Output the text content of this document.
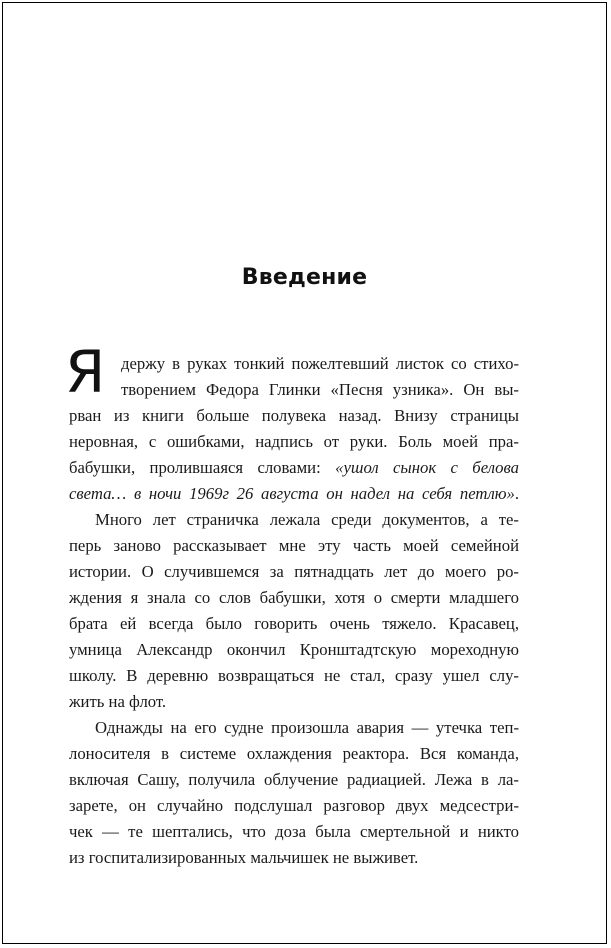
Введение
Я держу в руках тонкий пожелтевший листок со стихо-
творением Федора Глинки «Песня узника». Он вы-
рван из книги больше полувека назад. Внизу страницы
неровная, с ошибками, надпись от руки. Боль моей пра-
бабушки, пролившаяся словами: «ушол сынок с белова
света… в ночи 1969г 26 августа он надел на себя петлю».
Много лет страничка лежала среди документов, а те-
перь заново рассказывает мне эту часть моей семейной
истории. О случившемся за пятнадцать лет до моего ро-
ждения я знала со слов бабушки, хотя о смерти младшего
брата ей всегда было говорить очень тяжело. Красавец,
умница Александр окончил Кронштадтскую мореходную
школу. В деревню возвращаться не стал, сразу ушел слу-
жить на флот.
Однажды на его судне произошла авария — утечка теп-
лоносителя в системе охлаждения реактора. Вся команда,
включая Сашу, получила облучение радиацией. Лежа в ла-
зарете, он случайно подслушал разговор двух медсестри-
чек — те шептались, что доза была смертельной и никто
из госпитализированных мальчишек не выживет.
